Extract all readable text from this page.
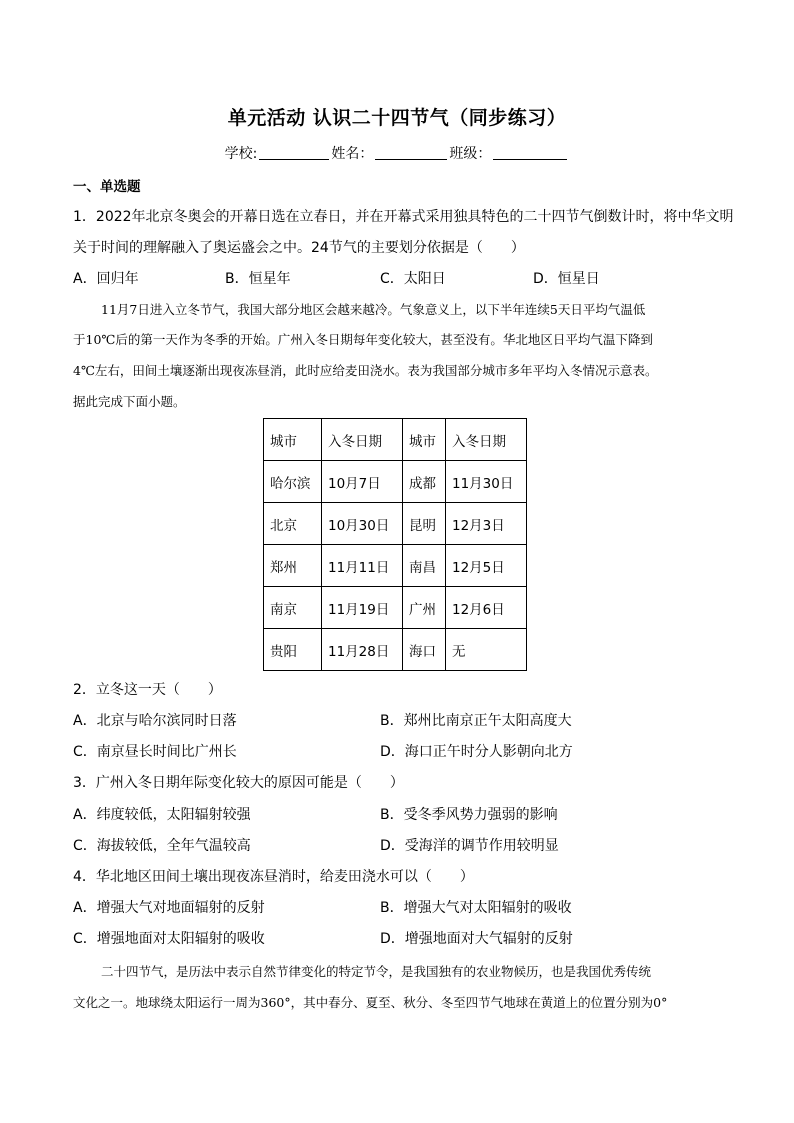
单元活动 认识二十四节气（同步练习）
学校:	姓名：	班级：
一、单选题
1．2022年北京冬奥会的开幕日选在立春日，并在开幕式采用独具特色的二十四节气倒数计时，将中华文明
关于时间的理解融入了奥运盛会之中。24节气的主要划分依据是（　　）
A．回归年	B．恒星年	C．太阳日	D．恒星日
11月7日进入立冬节气，我国大部分地区会越来越冷。气象意义上，以下半年连续5天日平均气温低
于10℃后的第一天作为冬季的开始。广州入冬日期每年变化较大，甚至没有。华北地区日平均气温下降到
4℃左右，田间土壤逐渐出现夜冻昼消，此时应给麦田浇水。表为我国部分城市多年平均入冬情况示意表。
据此完成下面小题。
城市	入冬日期	城市	入冬日期
哈尔滨	10月7日	成都	11月30日
北京	10月30日	昆明	12月3日
郑州	11月11日	南昌	12月5日
南京	11月19日	广州	12月6日
贵阳	11月28日	海口	无
2．立冬这一天（　　）
A．北京与哈尔滨同时日落	B．郑州比南京正午太阳高度大
C．南京昼长时间比广州长	D．海口正午时分人影朝向北方
3．广州入冬日期年际变化较大的原因可能是（　　）
A．纬度较低，太阳辐射较强	B．受冬季风势力强弱的影响
C．海拔较低，全年气温较高	D．受海洋的调节作用较明显
4．华北地区田间土壤出现夜冻昼消时，给麦田浇水可以（　　）
A．增强大气对地面辐射的反射	B．增强大气对太阳辐射的吸收
C．增强地面对太阳辐射的吸收	D．增强地面对大气辐射的反射
二十四节气，是历法中表示自然节律变化的特定节令，是我国独有的农业物候历，也是我国优秀传统
文化之一。地球绕太阳运行一周为360°，其中春分、夏至、秋分、冬至四节气地球在黄道上的位置分别为0°
